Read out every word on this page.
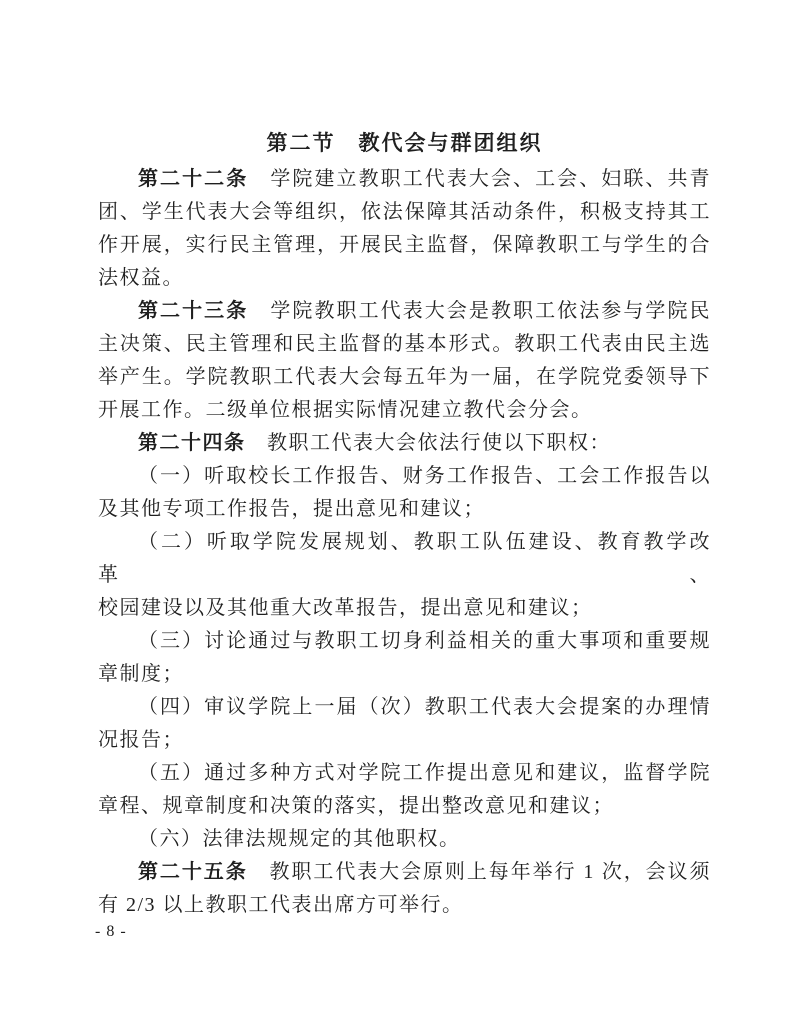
第二节　教代会与群团组织
第二十二条　学院建立教职工代表大会、工会、妇联、共青
团、学生代表大会等组织，依法保障其活动条件，积极支持其工
作开展，实行民主管理，开展民主监督，保障教职工与学生的合
法权益。
第二十三条　学院教职工代表大会是教职工依法参与学院民
主决策、民主管理和民主监督的基本形式。教职工代表由民主选
举产生。学院教职工代表大会每五年为一届，在学院党委领导下
开展工作。二级单位根据实际情况建立教代会分会。
第二十四条　教职工代表大会依法行使以下职权：
（一）听取校长工作报告、财务工作报告、工会工作报告以
及其他专项工作报告，提出意见和建议；
（二）听取学院发展规划、教职工队伍建设、教育教学改革、
校园建设以及其他重大改革报告，提出意见和建议；
（三）讨论通过与教职工切身利益相关的重大事项和重要规
章制度；
（四）审议学院上一届（次）教职工代表大会提案的办理情
况报告；
（五）通过多种方式对学院工作提出意见和建议，监督学院
章程、规章制度和决策的落实，提出整改意见和建议；
（六）法律法规规定的其他职权。
第二十五条　教职工代表大会原则上每年举行 1 次，会议须
有 2/3 以上教职工代表出席方可举行。
- 8 -
